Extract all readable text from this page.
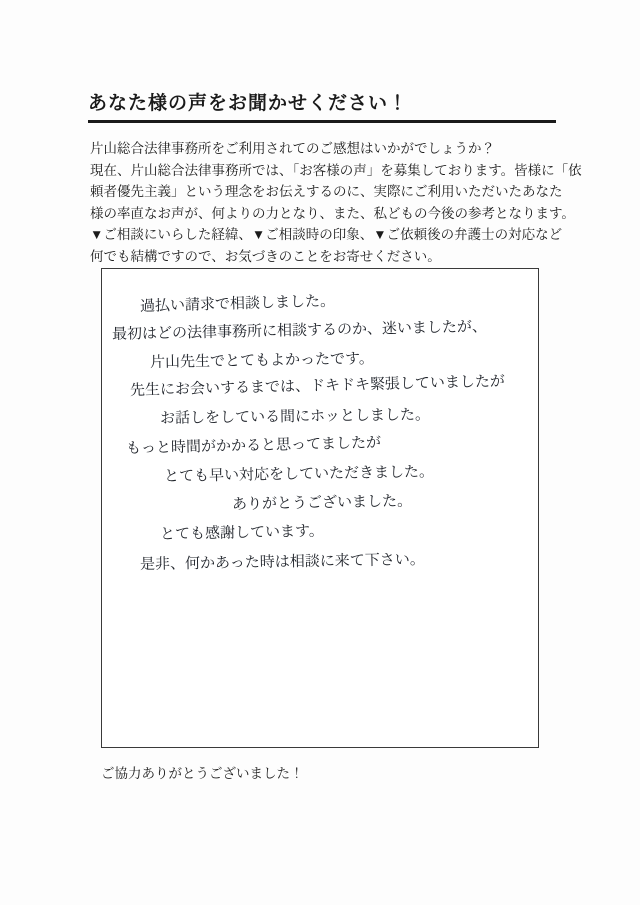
あなた様の声をお聞かせください！
片山総合法律事務所をご利用されてのご感想はいかがでしょうか？
現在、片山総合法律事務所では、「お客様の声」を募集しております。皆様に「依
頼者優先主義」という理念をお伝えするのに、実際にご利用いただいたあなた
様の率直なお声が、何よりの力となり、また、私どもの今後の参考となります。
▼ご相談にいらした経緯、▼ご相談時の印象、▼ご依頼後の弁護士の対応など
何でも結構ですので、お気づきのことをお寄せください。
過払い請求で相談しました。
最初はどの法律事務所に相談するのか、迷いましたが、
片山先生でとてもよかったです。
先生にお会いするまでは、ドキドキ緊張していましたが
お話しをしている間にホッとしました。
もっと時間がかかると思ってましたが
とても早い対応をしていただきました。
ありがとうございました。
とても感謝しています。
是非、何かあった時は相談に来て下さい。
ご協力ありがとうございました！
